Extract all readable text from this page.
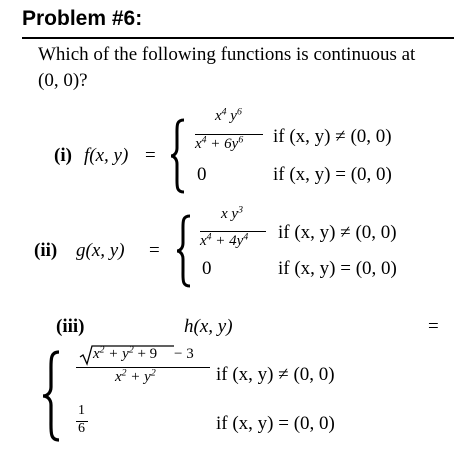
Problem #6:
Which of the following functions is continuous at
(0, 0)?
(i) f(x, y) =
$x^4$ $y^6$
$x^4 + 6y^6$ if (x, y) ≠ (0, 0)
0	if (x, y) = (0, 0)
(ii) g(x, y) =
x $y^3$
$x^4 + 4y^4$ if (x, y) ≠ (0, 0)
0	if (x, y) = (0, 0)
(iii)	h(x, y)	=
$x^2 + y^2 + 9 - 3$
$x^2 + y^2$	if (x, y) ≠ (0, 0)
1
6	if (x, y) = (0, 0)
